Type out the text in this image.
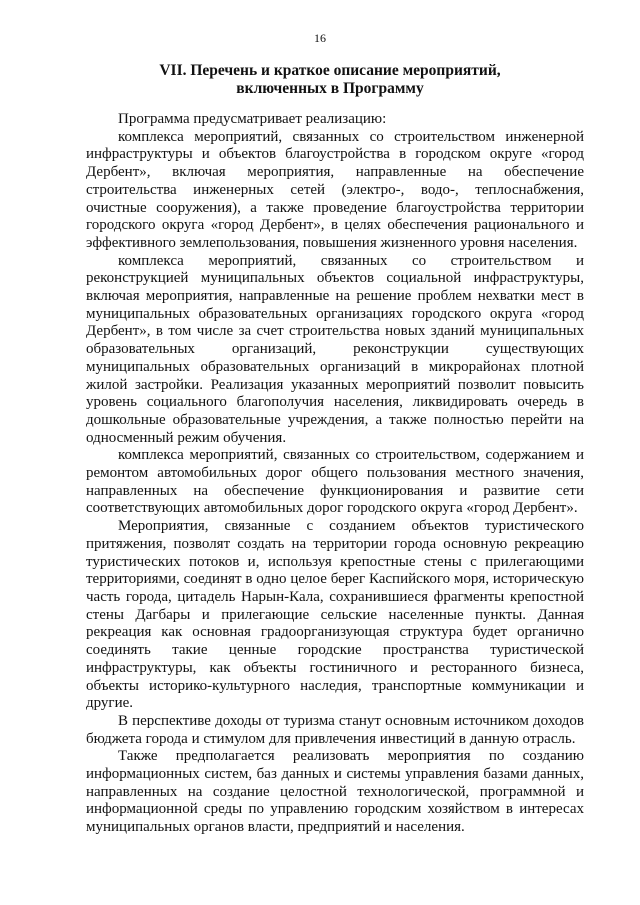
16
VII. Перечень и краткое описание мероприятий,
включенных в Программу

Программа предусматривает реализацию:

комплекса мероприятий, связанных со строительством инженерной инфраструктуры и объектов благоустройства в городском округе «город Дербент», включая мероприятия, направленные на обеспечение строительства инженерных сетей (электро-, водо-, теплоснабжения, очистные сооружения), а также проведение благоустройства территории городского округа «город Дербент», в целях обеспечения рационального и эффективного землепользования, повышения жизненного уровня населения.

комплекса мероприятий, связанных со строительством и реконструкцией муниципальных объектов социальной инфраструктуры, включая мероприятия, направленные на решение проблем нехватки мест в муниципальных образовательных организациях городского округа «город Дербент», в том числе за счет строительства новых зданий муниципальных образовательных организаций, реконструкции существующих муниципальных образовательных организаций в микрорайонах плотной жилой застройки. Реализация указанных мероприятий позволит повысить уровень социального благополучия населения, ликвидировать очередь в дошкольные образовательные учреждения, а также полностью перейти на односменный режим обучения.

комплекса мероприятий, связанных со строительством, содержанием и ремонтом автомобильных дорог общего пользования местного значения, направленных на обеспечение функционирования и развитие сети соответствующих автомобильных дорог городского округа «город Дербент».

Мероприятия, связанные с созданием объектов туристического притяжения, позволят создать на территории города основную рекреацию туристических потоков и, используя крепостные стены с прилегающими территориями, соединят в одно целое берег Каспийского моря, историческую часть города, цитадель Нарын-Кала, сохранившиеся фрагменты крепостной стены Дагбары и прилегающие сельские населенные пункты. Данная рекреация как основная градоорганизующая структура будет органично соединять такие ценные городские пространства туристической инфраструктуры, как объекты гостиничного и ресторанного бизнеса, объекты историко-культурного наследия, транспортные коммуникации и другие.

В перспективе доходы от туризма станут основным источником доходов бюджета города и стимулом для привлечения инвестиций в данную отрасль.

Также предполагается реализовать мероприятия по созданию информационных систем, баз данных и системы управления базами данных, направленных на создание целостной технологической, программной и информационной среды по управлению городским хозяйством в интересах муниципальных органов власти, предприятий и населения.
